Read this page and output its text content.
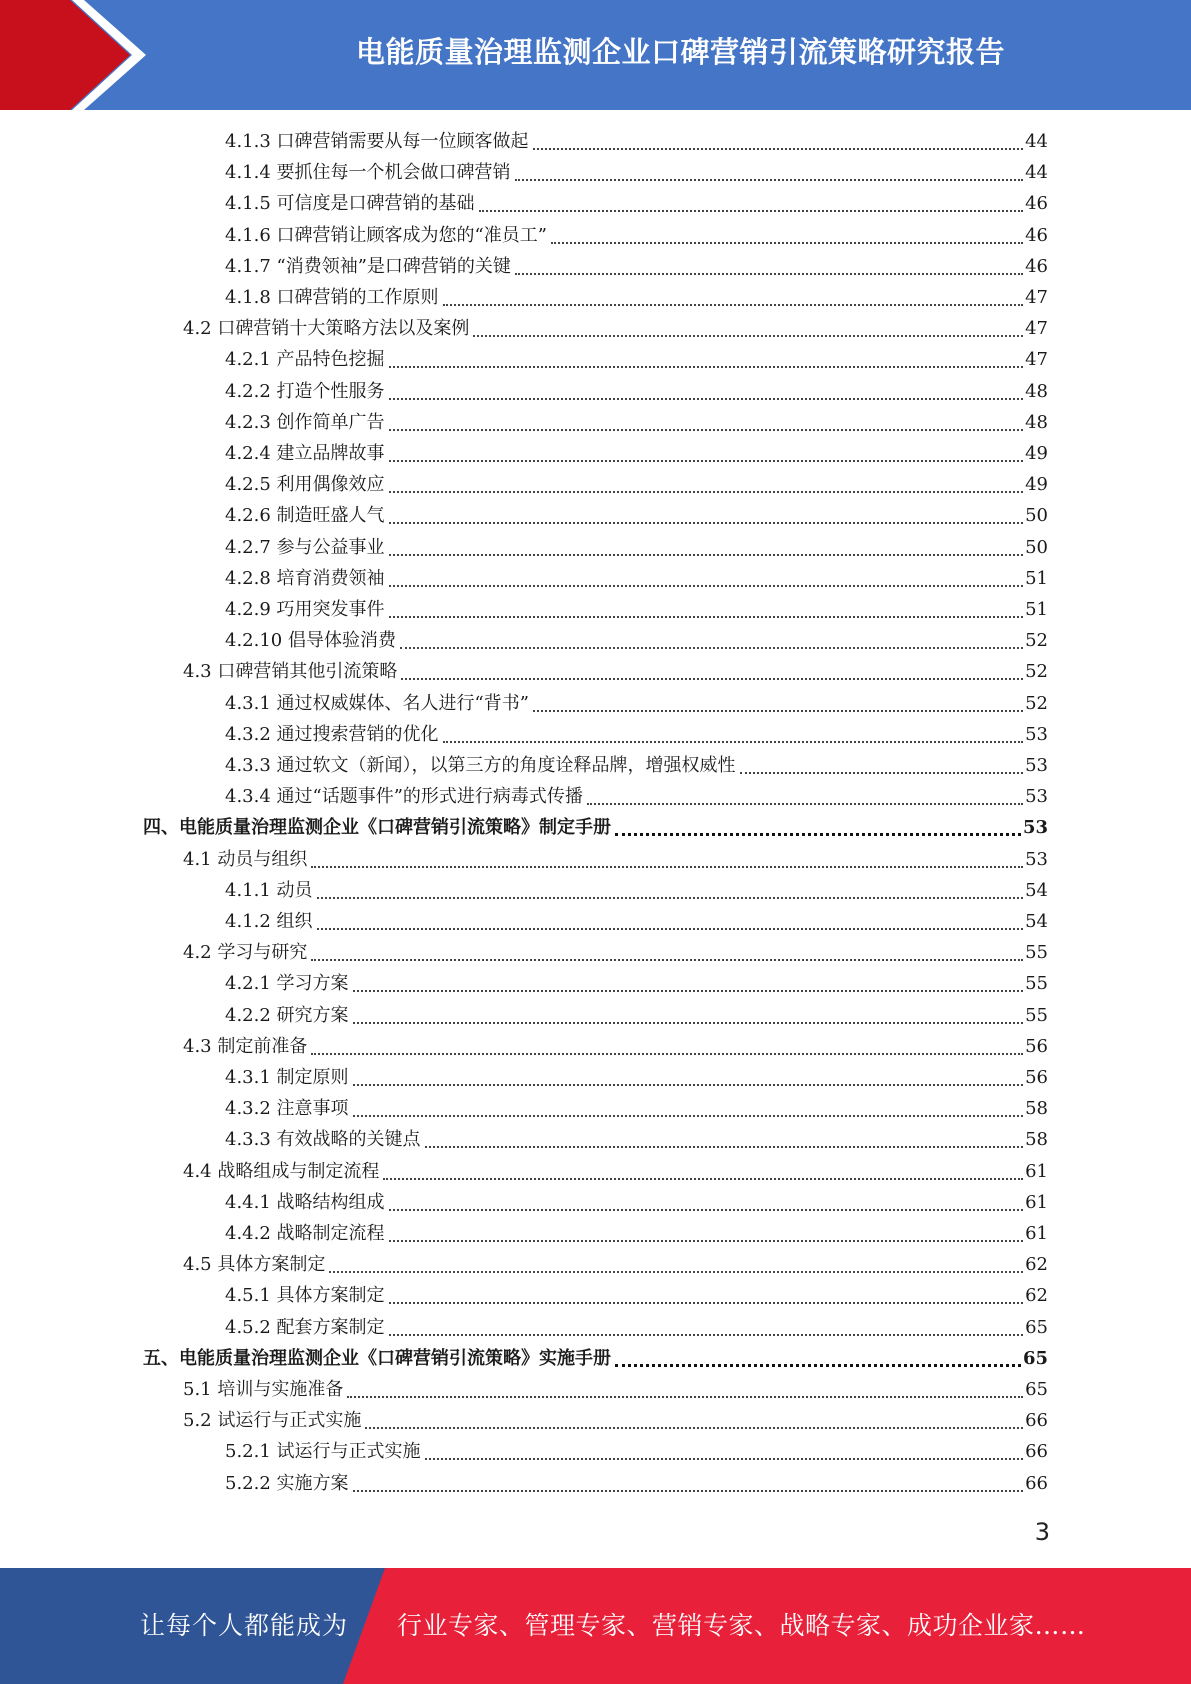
电能质量治理监测企业口碑营销引流策略研究报告
4.1.3 口碑营销需要从每一位顾客做起	44
4.1.4 要抓住每一个机会做口碑营销	44
4.1.5 可信度是口碑营销的基础	46
4.1.6 口碑营销让顾客成为您的“准员工”	46
4.1.7 “消费领袖”是口碑营销的关键	46
4.1.8 口碑营销的工作原则	47
4.2 口碑营销十大策略方法以及案例	47
4.2.1 产品特色挖掘	47
4.2.2 打造个性服务	48
4.2.3 创作简单广告	48
4.2.4 建立品牌故事	49
4.2.5 利用偶像效应	49
4.2.6 制造旺盛人气	50
4.2.7 参与公益事业	50
4.2.8 培育消费领袖	51
4.2.9 巧用突发事件	51
4.2.10 倡导体验消费	52
4.3 口碑营销其他引流策略	52
4.3.1 通过权威媒体、名人进行“背书”	52
4.3.2 通过搜索营销的优化	53
4.3.3 通过软文（新闻），以第三方的角度诠释品牌，增强权威性	53
4.3.4 通过“话题事件”的形式进行病毒式传播	53
四、电能质量治理监测企业《口碑营销引流策略》制定手册	53
4.1 动员与组织	53
4.1.1 动员	54
4.1.2 组织	54
4.2 学习与研究	55
4.2.1 学习方案	55
4.2.2 研究方案	55
4.3 制定前准备	56
4.3.1 制定原则	56
4.3.2 注意事项	58
4.3.3 有效战略的关键点	58
4.4 战略组成与制定流程	61
4.4.1 战略结构组成	61
4.4.2 战略制定流程	61
4.5 具体方案制定	62
4.5.1 具体方案制定	62
4.5.2 配套方案制定	65
五、电能质量治理监测企业《口碑营销引流策略》实施手册	65
5.1 培训与实施准备	65
5.2 试运行与正式实施	66
5.2.1 试运行与正式实施	66
5.2.2 实施方案	66
3
让每个人都能成为 行业专家、管理专家、营销专家、战略专家、成功企业家……
